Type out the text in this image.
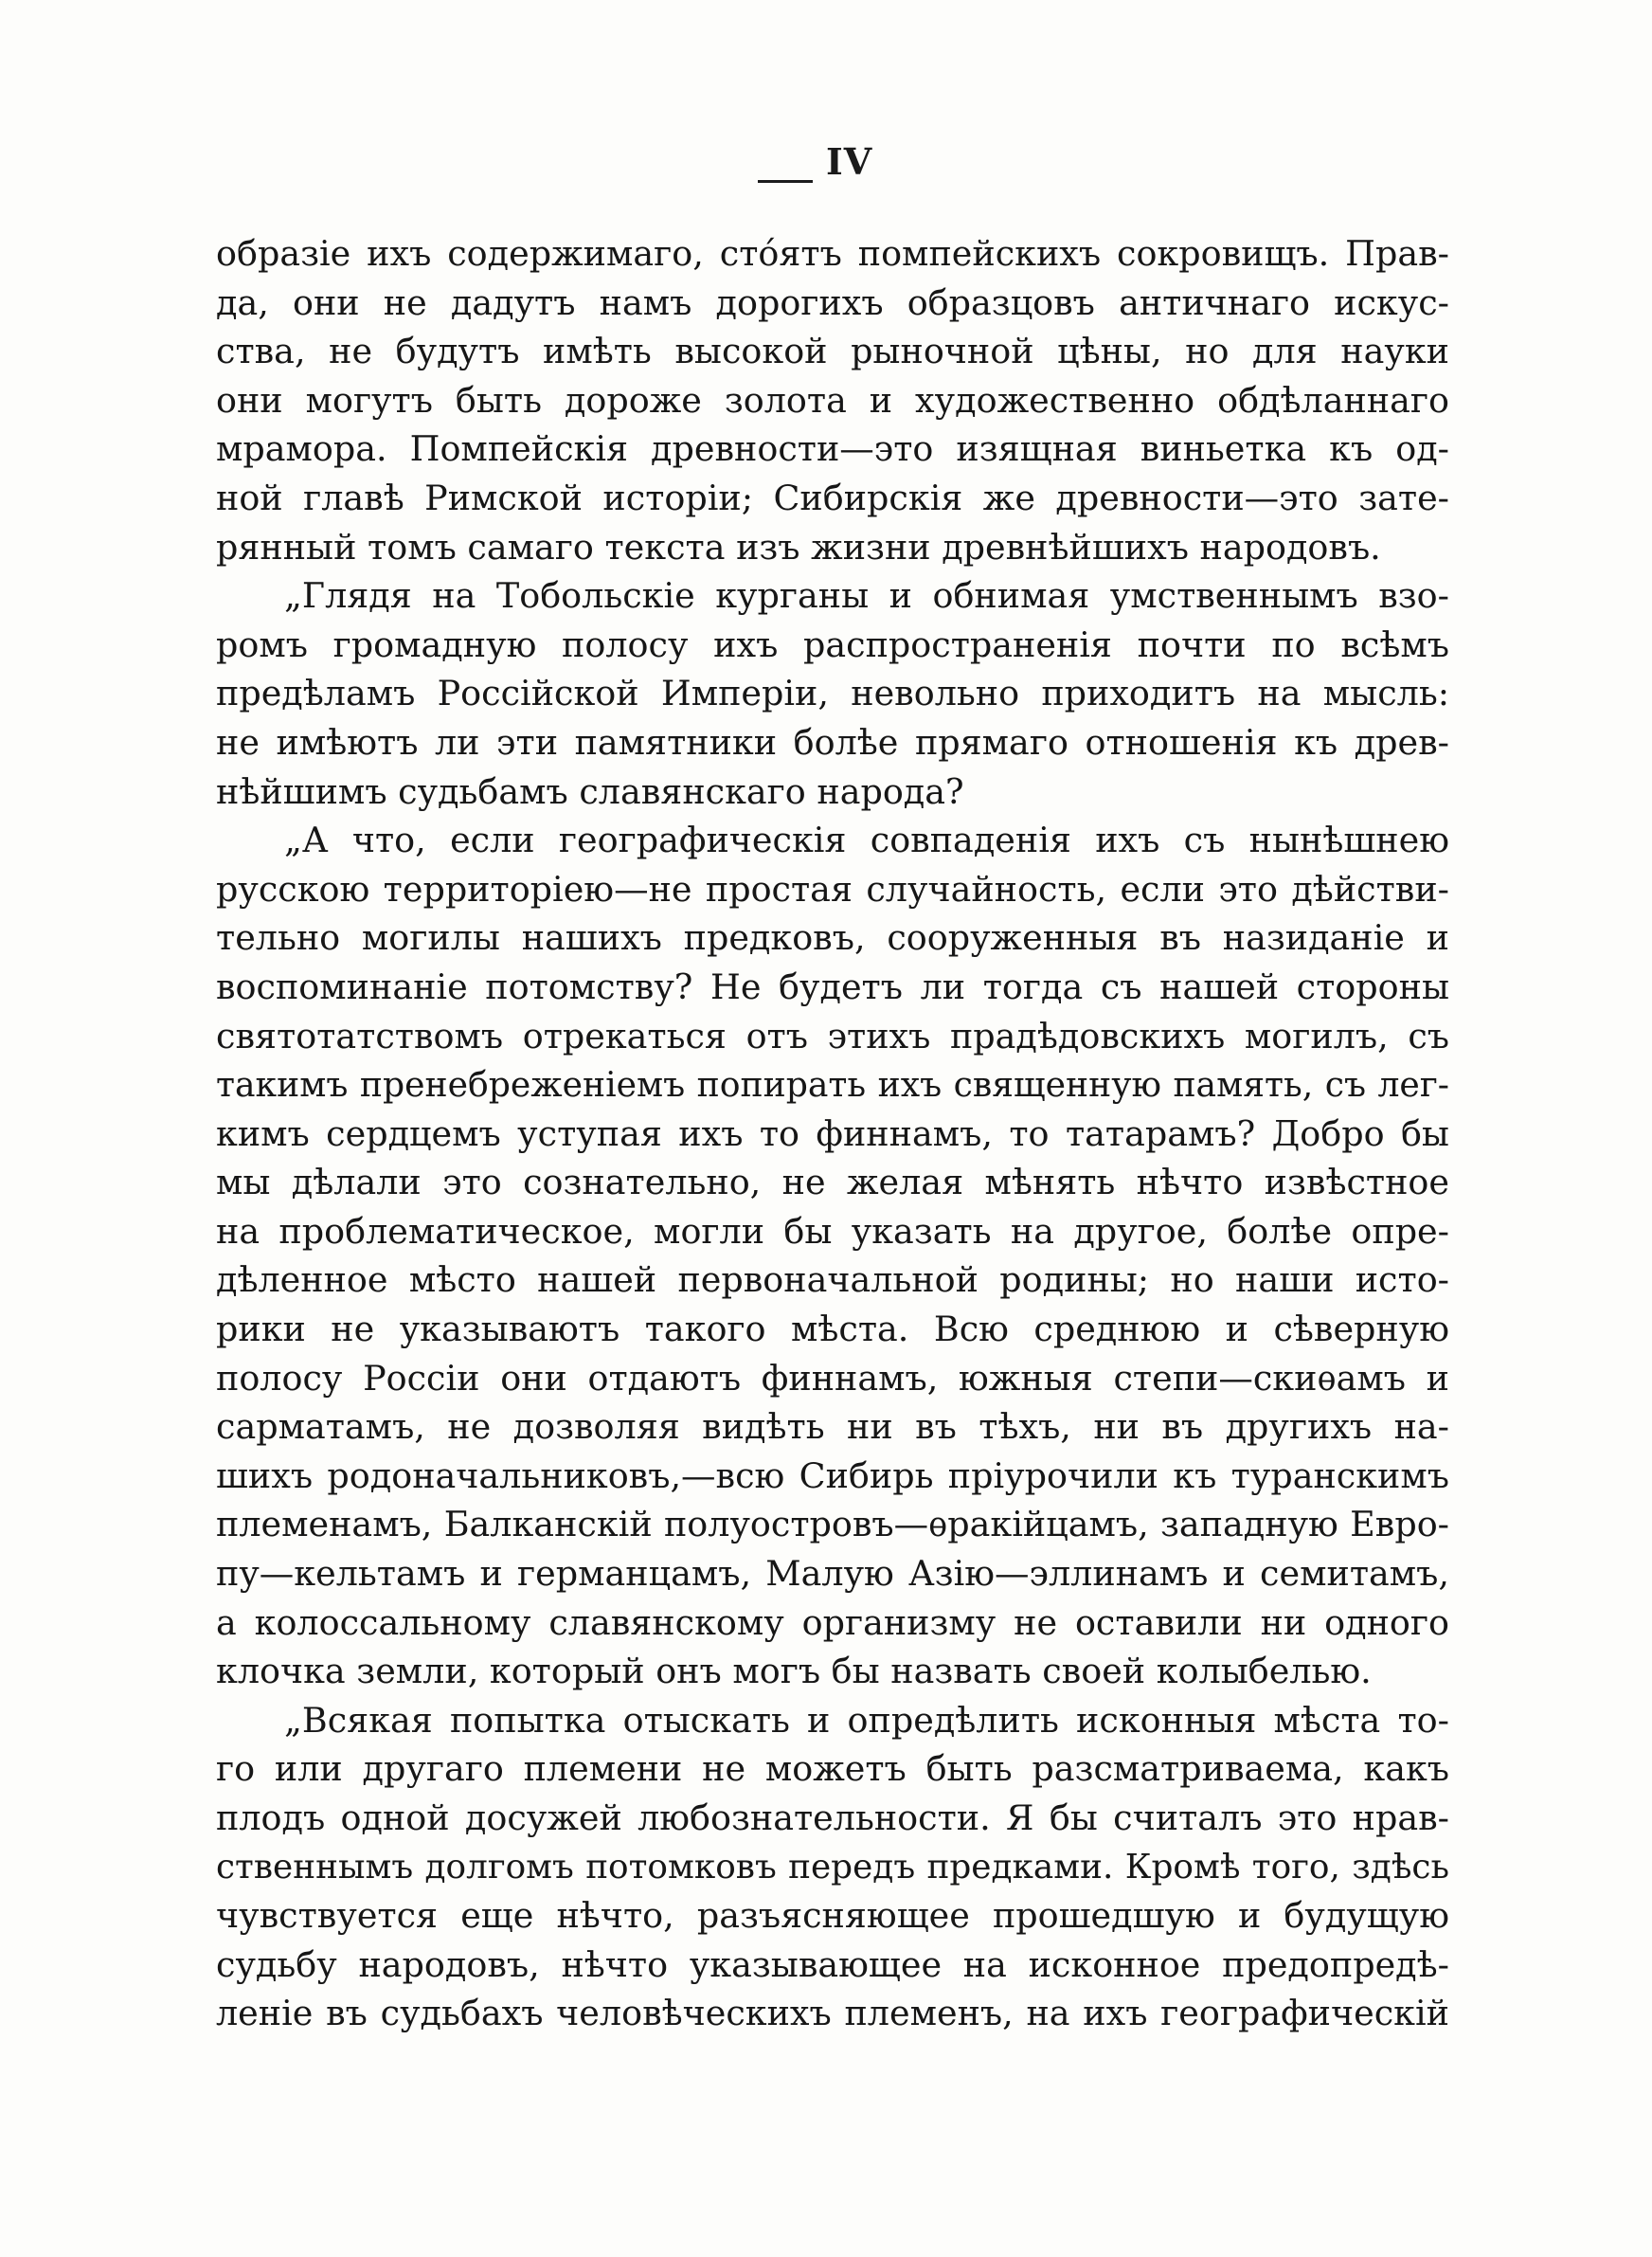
IV
образіе ихъ содержимаго, стóятъ помпейскихъ сокровищъ. Прав-
да, они не дадутъ намъ дорогихъ образцовъ античнаго искус-
ства, не будутъ имѣть высокой рыночной цѣны, но для науки
они могутъ быть дороже золота и художественно обдѣланнаго
мрамора. Помпейскія древности—это изящная виньетка къ од-
ной главѣ Римской исторіи; Сибирскія же древности—это зате-
рянный томъ самаго текста изъ жизни древнѣйшихъ народовъ.
„Глядя на Тобольскіе курганы и обнимая умственнымъ взо-
ромъ громадную полосу ихъ распространенія почти по всѣмъ
предѣламъ Россійской Имперіи, невольно приходитъ на мысль:
не имѣютъ ли эти памятники болѣе прямаго отношенія къ древ-
нѣйшимъ судьбамъ славянскаго народа?
„А что, если географическія совпаденія ихъ съ нынѣшнею
русскою территоріею—не простая случайность, если это дѣйстви-
тельно могилы нашихъ предковъ, сооруженныя въ назиданіе и
воспоминаніе потомству? Не будетъ ли тогда съ нашей стороны
святотатствомъ отрекаться отъ этихъ прадѣдовскихъ могилъ, съ
такимъ пренебреженіемъ попирать ихъ священную память, съ лег-
кимъ сердцемъ уступая ихъ то финнамъ, то татарамъ? Добро бы
мы дѣлали это сознательно, не желая мѣнять нѣчто извѣстное
на проблематическое, могли бы указать на другое, болѣе опре-
дѣленное мѣсто нашей первоначальной родины; но наши исто-
рики не указываютъ такого мѣста. Всю среднюю и сѣверную
полосу Россіи они отдаютъ финнамъ, южныя степи—скиѳамъ и
сарматамъ, не дозволяя видѣть ни въ тѣхъ, ни въ другихъ на-
шихъ родоначальниковъ,—всю Сибирь пріурочили къ туранскимъ
племенамъ, Балканскій полуостровъ—ѳракійцамъ, западную Евро-
пу—кельтамъ и германцамъ, Малую Азію—эллинамъ и семитамъ,
а колоссальному славянскому организму не оставили ни одного
клочка земли, который онъ могъ бы назвать своей колыбелью.
„Всякая попытка отыскать и опредѣлить исконныя мѣста то-
го или другаго племени не можетъ быть разсматриваема, какъ
плодъ одной досужей любознательности. Я бы считалъ это нрав-
ственнымъ долгомъ потомковъ передъ предками. Кромѣ того, здѣсь
чувствуется еще нѣчто, разъясняющее прошедшую и будущую
судьбу народовъ, нѣчто указывающее на исконное предопредѣ-
леніе въ судьбахъ человѣческихъ племенъ, на ихъ географическій
